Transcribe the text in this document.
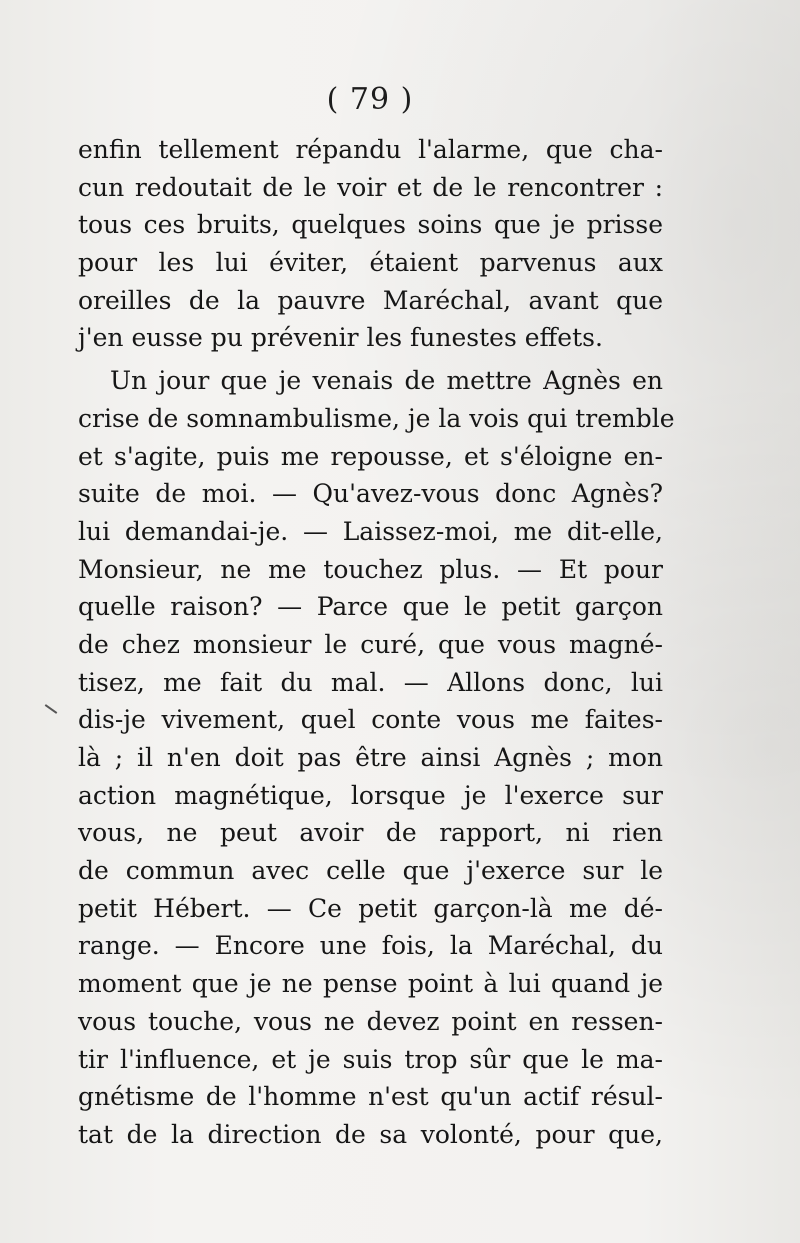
( 79 )
enfin tellement répandu l'alarme, que cha-
cun redoutait de le voir et de le rencontrer :
tous ces bruits, quelques soins que je prisse
pour les lui éviter, étaient parvenus aux
oreilles de la pauvre Maréchal, avant que
j'en eusse pu prévenir les funestes effets.
Un jour que je venais de mettre Agnès en
crise de somnambulisme, je la vois qui tremble
et s'agite, puis me repousse, et s'éloigne en-
suite de moi. — Qu'avez-vous donc Agnès?
lui demandai-je. — Laissez-moi, me dit-elle,
Monsieur, ne me touchez plus. — Et pour
quelle raison? — Parce que le petit garçon
de chez monsieur le curé, que vous magné-
tisez, me fait du mal. — Allons donc, lui
dis-je vivement, quel conte vous me faites-
là ; il n'en doit pas être ainsi Agnès ; mon
action magnétique, lorsque je l'exerce sur
vous, ne peut avoir de rapport, ni rien
de commun avec celle que j'exerce sur le
petit Hébert. — Ce petit garçon-là me dé-
range. — Encore une fois, la Maréchal, du
moment que je ne pense point à lui quand je
vous touche, vous ne devez point en ressen-
tir l'influence, et je suis trop sûr que le ma-
gnétisme de l'homme n'est qu'un actif résul-
tat de la direction de sa volonté, pour que,
